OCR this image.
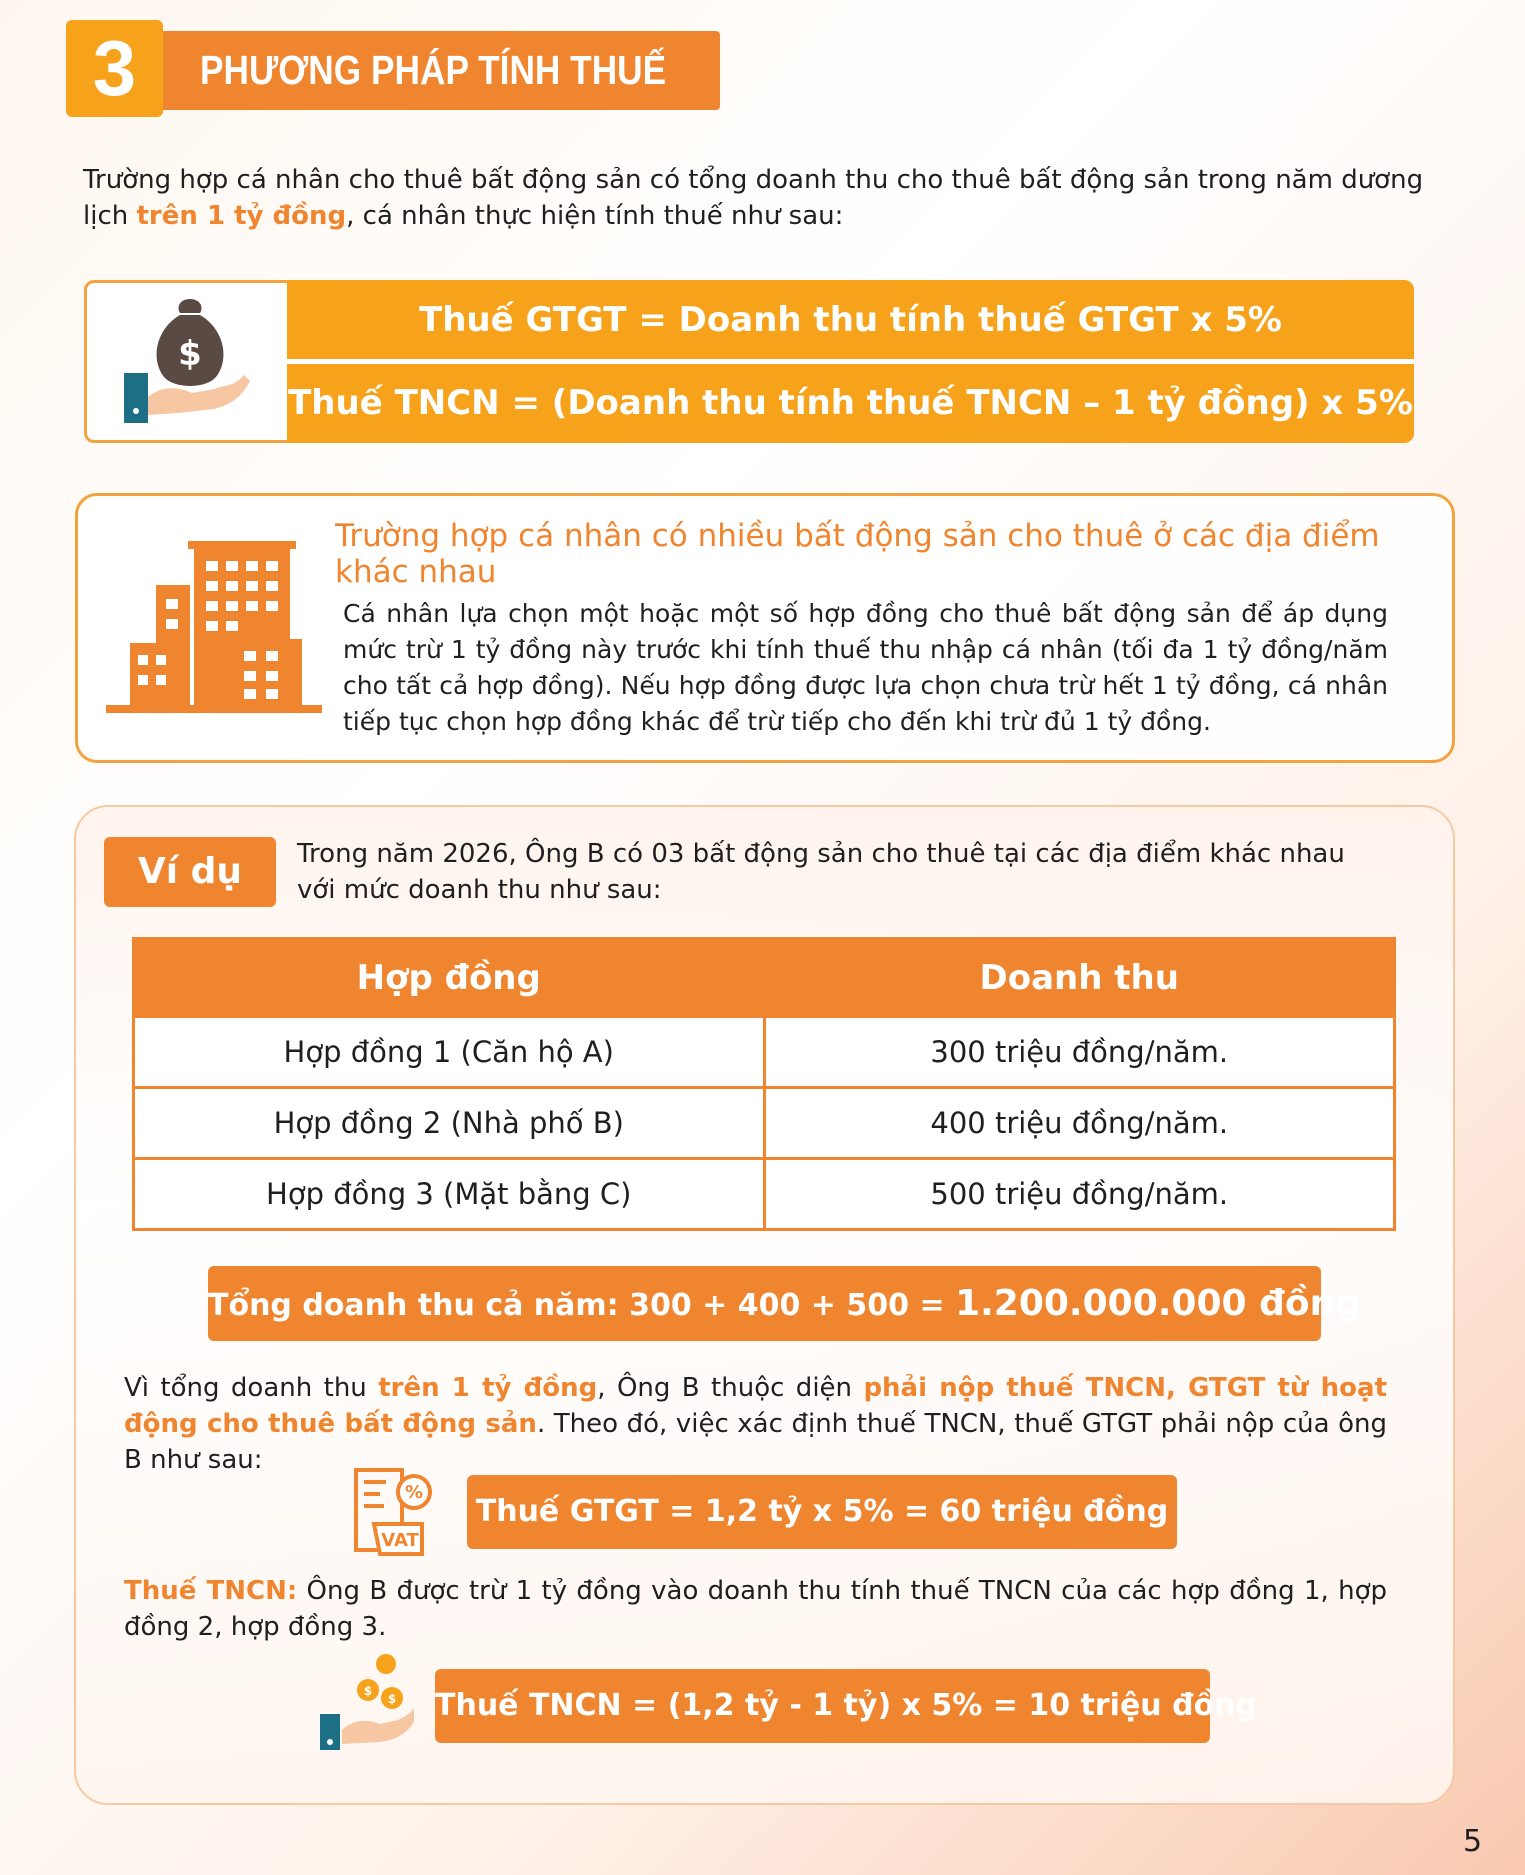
3	PHƯƠNG PHÁP TÍNH THUẾ
Trường hợp cá nhân cho thuê bất động sản có tổng doanh thu cho thuê bất động sản trong năm dương lịch trên 1 tỷ đồng, cá nhân thực hiện tính thuế như sau:
Thuế GTGT = Doanh thu tính thuế GTGT x 5%
Thuế TNCN = (Doanh thu tính thuế TNCN – 1 tỷ đồng) x 5%
$
Trường hợp cá nhân có nhiều bất động sản cho thuê ở các địa điểm khác nhau
Cá nhân lựa chọn một hoặc một số hợp đồng cho thuê bất động sản để áp dụng mức trừ 1 tỷ đồng này trước khi tính thuế thu nhập cá nhân (tối đa 1 tỷ đồng/năm cho tất cả hợp đồng). Nếu hợp đồng được lựa chọn chưa trừ hết 1 tỷ đồng, cá nhân tiếp tục chọn hợp đồng khác để trừ tiếp cho đến khi trừ đủ 1 tỷ đồng.
Ví dụ	Trong năm 2026, Ông B có 03 bất động sản cho thuê tại các địa điểm khác nhau với mức doanh thu như sau:
Hợp đồng	Doanh thu
Hợp đồng 1 (Căn hộ A)	300 triệu đồng/năm.
Hợp đồng 2 (Nhà phố B)	400 triệu đồng/năm.
Hợp đồng 3 (Mặt bằng C)	500 triệu đồng/năm.
Tổng doanh thu cả năm: 300 + 400 + 500 = 1.200.000.000 đồng
Vì tổng doanh thu trên 1 tỷ đồng, Ông B thuộc diện phải nộp thuế TNCN, GTGT từ hoạt động cho thuê bất động sản. Theo đó, việc xác định thuế TNCN, thuế GTGT phải nộp của ông B như sau:
%
VAT
Thuế GTGT = 1,2 tỷ x 5% = 60 triệu đồng
Thuế TNCN: Ông B được trừ 1 tỷ đồng vào doanh thu tính thuế TNCN của các hợp đồng 1, hợp đồng 2, hợp đồng 3.
$
$ Thuế TNCN = (1,2 tỷ - 1 tỷ) x 5% = 10 triệu đồng
5
